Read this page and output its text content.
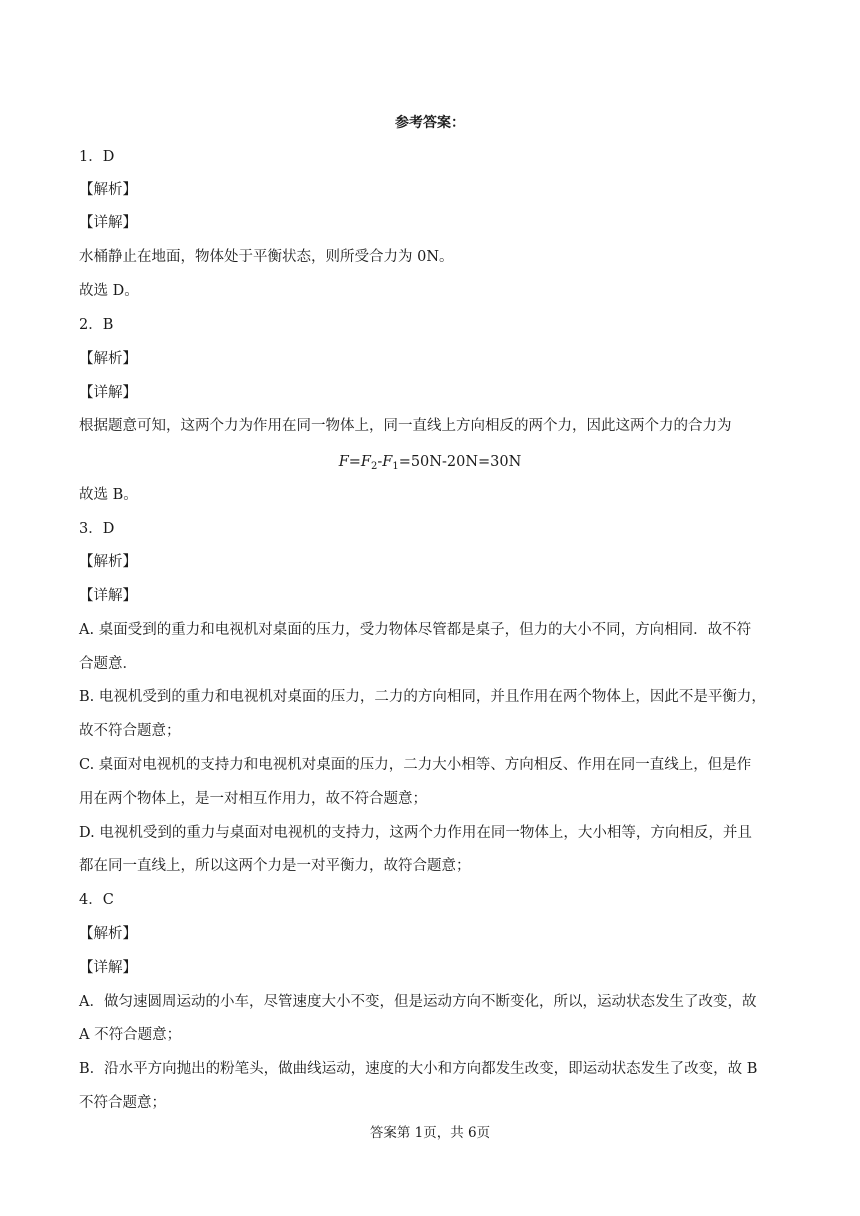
参考答案：
1．D
【解析】
【详解】
水桶静止在地面，物体处于平衡状态，则所受合力为 0N。
故选 D。
2．B
【解析】
【详解】
根据题意可知，这两个力为作用在同一物体上，同一直线上方向相反的两个力，因此这两个力的合力为
$F=F_2-F_1=50N-20N=30N$
故选 B。
3．D
【解析】
【详解】
A. 桌面受到的重力和电视机对桌面的压力，受力物体尽管都是桌子，但力的大小不同，方向相同．故不符
合题意．
B. 电视机受到的重力和电视机对桌面的压力，二力的方向相同，并且作用在两个物体上，因此不是平衡力，
故不符合题意；
C. 桌面对电视机的支持力和电视机对桌面的压力，二力大小相等、方向相反、作用在同一直线上，但是作
用在两个物体上，是一对相互作用力，故不符合题意；
D. 电视机受到的重力与桌面对电视机的支持力，这两个力作用在同一物体上，大小相等，方向相反，并且
都在同一直线上，所以这两个力是一对平衡力，故符合题意；
4．C
【解析】
【详解】
A．做匀速圆周运动的小车，尽管速度大小不变，但是运动方向不断变化，所以，运动状态发生了改变，故
A 不符合题意；
B．沿水平方向抛出的粉笔头，做曲线运动，速度的大小和方向都发生改变，即运动状态发生了改变，故 B
不符合题意；
答案第 1页，共 6页
